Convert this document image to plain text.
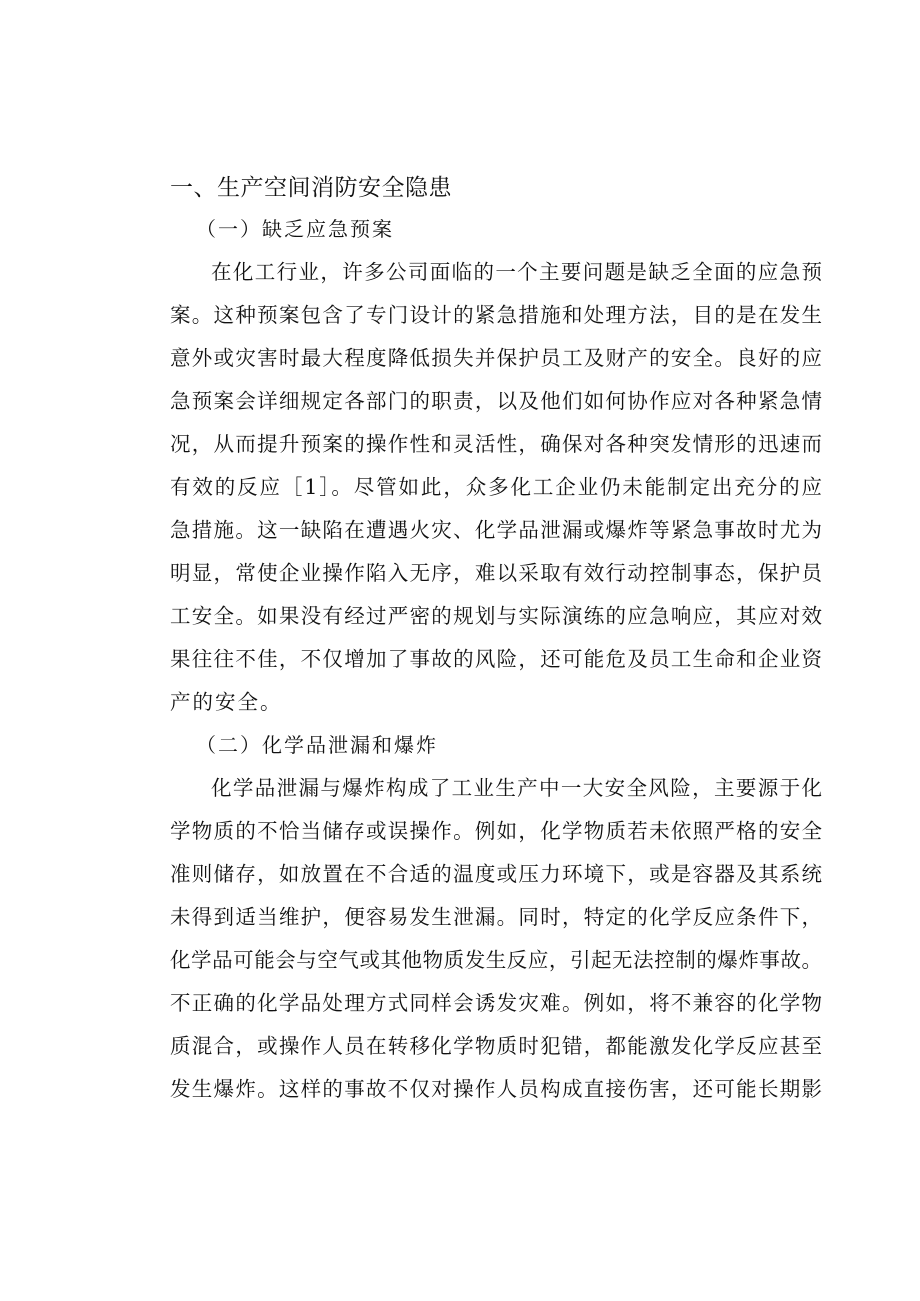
一、生产空间消防安全隐患
（一）缺乏应急预案
在化工行业，许多公司面临的一个主要问题是缺乏全面的应急预
案。这种预案包含了专门设计的紧急措施和处理方法，目的是在发生
意外或灾害时最大程度降低损失并保护员工及财产的安全。良好的应
急预案会详细规定各部门的职责，以及他们如何协作应对各种紧急情
况，从而提升预案的操作性和灵活性，确保对各种突发情形的迅速而
有效的反应［1］。尽管如此，众多化工企业仍未能制定出充分的应
急措施。这一缺陷在遭遇火灾、化学品泄漏或爆炸等紧急事故时尤为
明显，常使企业操作陷入无序，难以采取有效行动控制事态，保护员
工安全。如果没有经过严密的规划与实际演练的应急响应，其应对效
果往往不佳，不仅增加了事故的风险，还可能危及员工生命和企业资
产的安全。
（二）化学品泄漏和爆炸
化学品泄漏与爆炸构成了工业生产中一大安全风险，主要源于化
学物质的不恰当储存或误操作。例如，化学物质若未依照严格的安全
准则储存，如放置在不合适的温度或压力环境下，或是容器及其系统
未得到适当维护，便容易发生泄漏。同时，特定的化学反应条件下，
化学品可能会与空气或其他物质发生反应，引起无法控制的爆炸事故。
不正确的化学品处理方式同样会诱发灾难。例如，将不兼容的化学物
质混合，或操作人员在转移化学物质时犯错，都能激发化学反应甚至
发生爆炸。这样的事故不仅对操作人员构成直接伤害，还可能长期影
